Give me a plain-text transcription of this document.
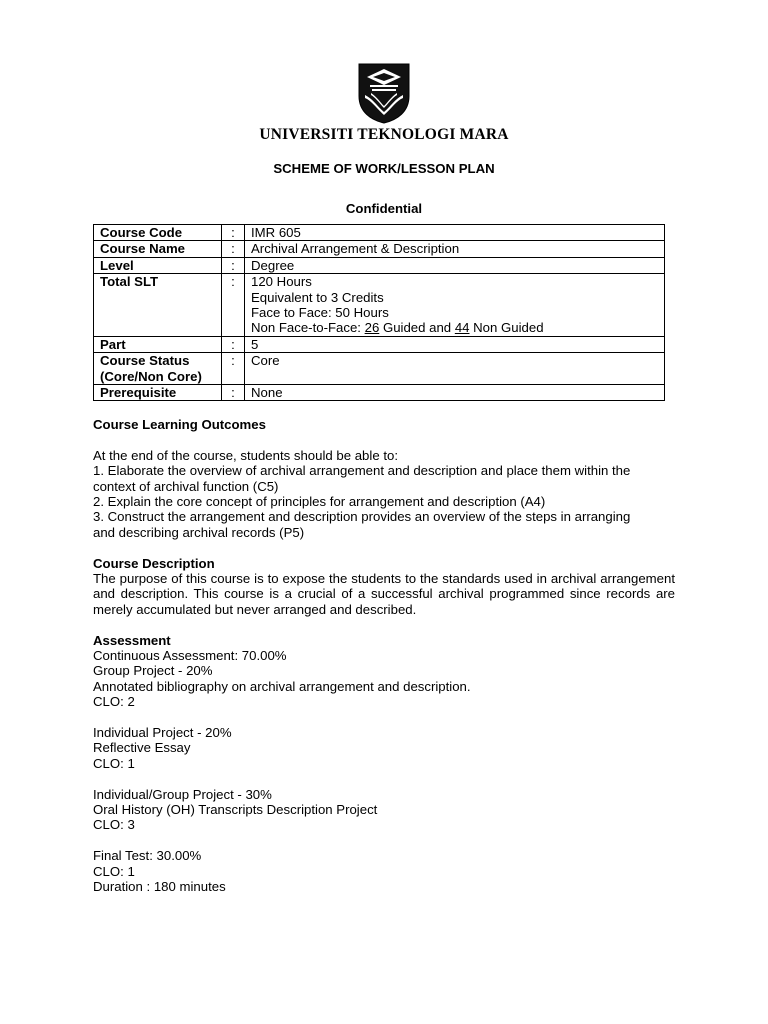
UNIVERSITI TEKNOLOGI MARA
SCHEME OF WORK/LESSON PLAN
Confidential
Course Code	:	IMR 605
Course Name	:	Archival Arrangement & Description
Level	:	Degree
Total SLT	:	120 Hours
Equivalent to 3 Credits
Face to Face: 50 Hours
Non Face-to-Face: 26 Guided and 44 Non Guided

Part	:	5

Course Status
(Core/Non Core)	:	Core
Prerequisite	:	None

Course Learning Outcomes

At the end of the course, students should be able to:

1. Elaborate the overview of archival arrangement and description and place them within the

context of archival function (C5)

2. Explain the core concept of principles for arrangement and description (A4)

3. Construct the arrangement and description provides an overview of the steps in arranging

and describing archival records (P5)

Course Description

The purpose of this course is to expose the students to the standards used in archival arrangement and description. This course is a crucial of a successful archival programmed since records are merely accumulated but never arranged and described.

Assessment

Continuous Assessment: 70.00%

Group Project - 20%

Annotated bibliography on archival arrangement and description.

CLO: 2

Individual Project - 20%

Reflective Essay

CLO: 1

Individual/Group Project - 30%

Oral History (OH) Transcripts Description Project

CLO: 3

Final Test: 30.00%

CLO: 1

Duration : 180 minutes
